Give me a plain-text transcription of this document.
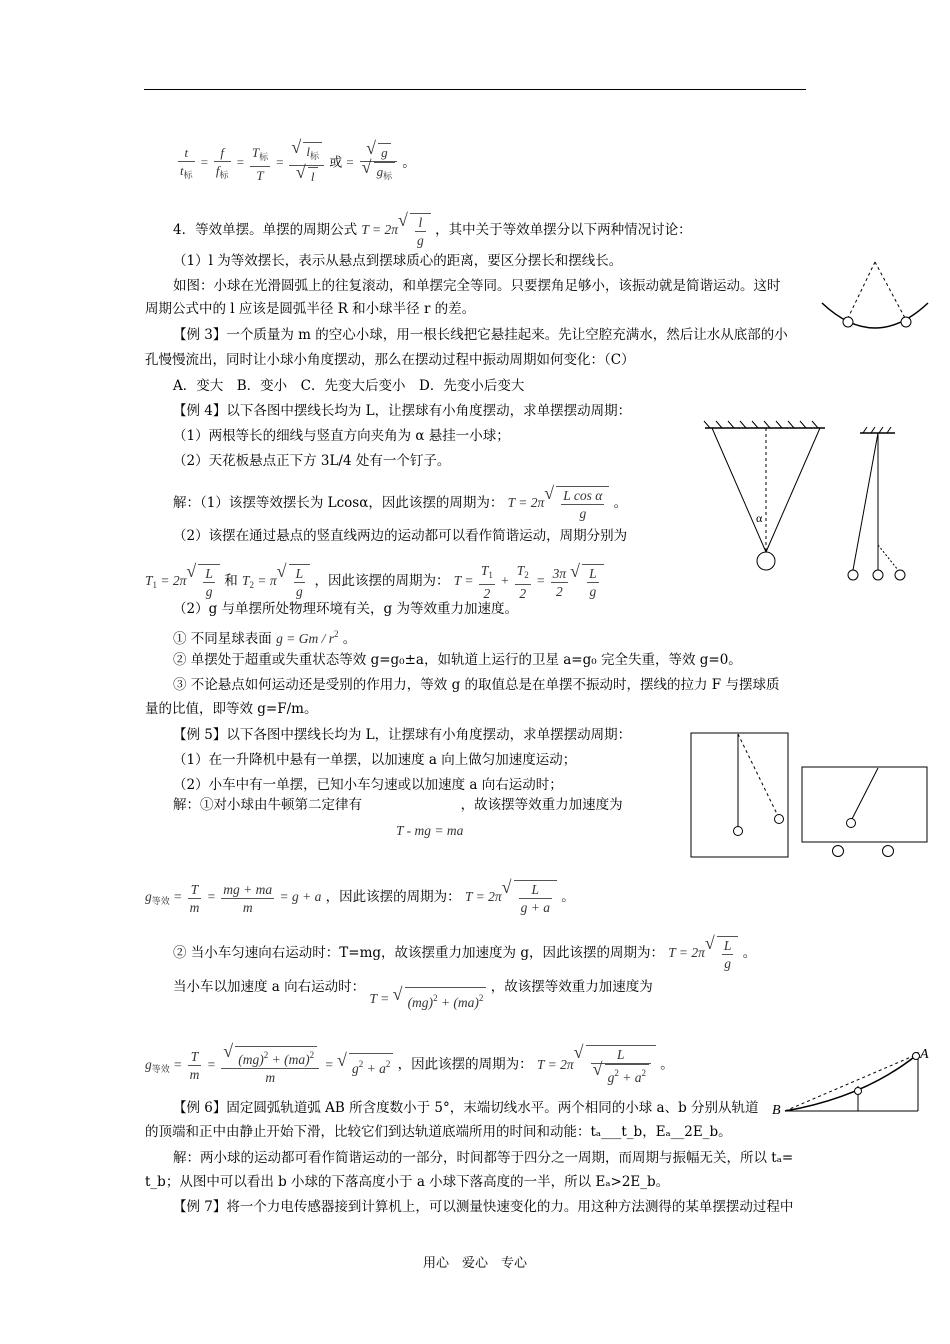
$\frac{t}{t_标} = \frac{f}{f_标} = \frac{T_标}{T}$ = √ $l_标$
√ l 或 = √ g
√ $g_标$ 。
4．等效单摆。单摆的周期公式 T = 2π √ $\frac{l}{g}$ ，其中关于等效单摆分以下两种情况讨论：
（1）l 为等效摆长，表示从悬点到摆球质心的距离，要区分摆长和摆线长。
如图：小球在光滑圆弧上的往复滚动，和单摆完全等同。只要摆角足够小，该振动就是简谐运动。这时
周期公式中的 l 应该是圆弧半径 R 和小球半径 r 的差。
【例 3】一个质量为 m 的空心小球，用一根长线把它悬挂起来。先让空腔充满水，然后让水从底部的小
孔慢慢流出，同时让小球小角度摆动，那么在摆动过程中振动周期如何变化：（C）
A．变大　B．变小　C．先变大后变小　D．先变小后变大
【例 4】以下各图中摆线长均为 L，让摆球有小角度摆动，求单摆摆动周期：
（1）两根等长的细线与竖直方向夹角为 α 悬挂一小球；
（2）天花板悬点正下方 3L/4 处有一个钉子。
解：（1）该摆等效摆长为 Lcosα，因此该摆的周期为： T = 2π √ $\frac{\text{L cos α}}{g}$ 。
（2）该摆在通过悬点的竖直线两边的运动都可以看作简谐运动，周期分别为
$T_1 = 2\pi$ √ $\frac{L}{g}$ 和 $T_2 = \pi$ √ $\frac{L}{g}$ ，因此该摆的周期为： $T = \frac{T_1}{2} + \frac{T_2}{2} = \frac{3\pi}{2}$ √ $\frac{L}{g}$
（2）g 与单摆所处物理环境有关，g 为等效重力加速度。
① 不同星球表面 $g = Gm / r^2$ 。
② 单摆处于超重或失重状态等效 g=g₀±a，如轨道上运行的卫星 a=g₀ 完全失重，等效 g=0。
③ 不论悬点如何运动还是受别的作用力，等效 g 的取值总是在单摆不振动时，摆线的拉力 F 与摆球质
量的比值，即等效 g=F/m。
【例 5】以下各图中摆线长均为 L，让摆球有小角度摆动，求单摆摆动周期：
（1）在一升降机中悬有一单摆，以加速度 a 向上做匀加速度运动；
（2）小车中有一单摆，已知小车匀速或以加速度 a 向右运动时；
解：①对小球由牛顿第二定律有	，故该摆等效重力加速度为
T - mg = ma
$g_{等效} = \frac{T}{m} = \frac{mg + ma}{m} = g + a$ ，因此该摆的周期为： T = 2π √ $\frac{L}{g + a}$ 。
② 当小车匀速向右运动时：T=mg，故该摆重力加速度为 g，因此该摆的周期为： T = 2π √ $\frac{L}{g}$ 。
当小车以加速度 a 向右运动时： T = √ (mg)$^2$ + (ma)$^2$ ，故该摆等效重力加速度为
$g_{等效} = \frac{T}{m}$ = √ $\frac{(mg)^2 + (ma)^2}{m}$ = √ $g^2 + a^2$ ，因此该摆的周期为： T = 2π √ L
√ $g^2 + a^2$ 。
【例 6】固定圆弧轨道弧 AB 所含度数小于 5°，末端切线水平。两个相同的小球 a、b 分别从轨道
的顶端和正中由静止开始下滑，比较它们到达轨道底端所用的时间和动能：tₐ___t_b，Eₐ__2E_b。
解：两小球的运动都可看作简谐运动的一部分，时间都等于四分之一周期，而周期与振幅无关，所以 tₐ=
t_b；从图中可以看出 b 小球的下落高度小于 a 小球下落高度的一半，所以 Eₐ>2E_b。
【例 7】将一个力电传感器接到计算机上，可以测量快速变化的力。用这种方法测得的某单摆摆动过程中
用心　爱心　专心
α
A
B
